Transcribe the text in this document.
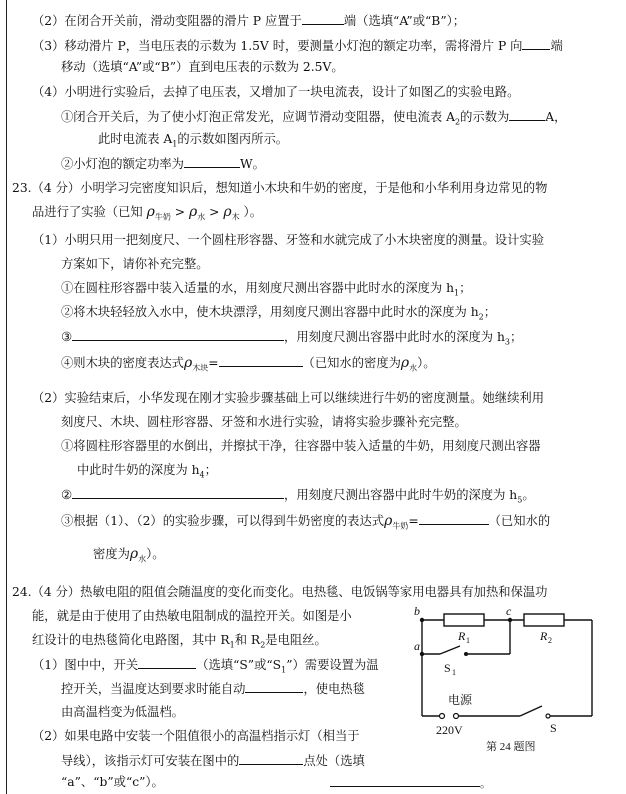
（2）在闭合开关前，滑动变阻器的滑片 P 应置于	端（选填“A”或“B”）；
（3）移动滑片 P，当电压表的示数为 1.5V 时，要测量小灯泡的额定功率，需将滑片 P 向 端
移动（选填“A”或“B”）直到电压表的示数为 2.5V。
（4）小明进行实验后，去掉了电压表，又增加了一块电流表，设计了如图乙的实验电路。
①闭合开关后，为了使小灯泡正常发光，应调节滑动变阻器，使电流表 $A_2$的示数为	A，
此时电流表 $A_1$的示数如图丙所示。
②小灯泡的额定功率为	W。
23.（4 分）小明学习完密度知识后，想知道小木块和牛奶的密度，于是他和小华利用身边常见的物
品进行了实验（已知 $\rho_{牛奶} > \rho_水 > \rho_木$ ）。
（1）小明只用一把刻度尺、一个圆柱形容器、牙签和水就完成了小木块密度的测量。设计实验
方案如下，请你补充完整。
①在圆柱形容器中装入适量的水，用刻度尺测出容器中此时水的深度为 $h_1$；
②将木块轻轻放入水中，使木块漂浮，用刻度尺测出容器中此时水的深度为 $h_2$；
③	，用刻度尺测出容器中此时水的深度为 $h_3$；
④则木块的密度表达式$\rho_{木块}=$	（已知水的密度为$\rho_水$）。
（2）实验结束后，小华发现在刚才实验步骤基础上可以继续进行牛奶的密度测量。她继续利用
刻度尺、木块、圆柱形容器、牙签和水进行实验，请将实验步骤补充完整。
①将圆柱形容器里的水倒出，并擦拭干净，往容器中装入适量的牛奶，用刻度尺测出容器
中此时牛奶的深度为 $h_4$；
②	，用刻度尺测出容器中此时牛奶的深度为 $h_5$。
③根据（1）、（2）的实验步骤，可以得到牛奶密度的表达式$\rho_{牛奶}=$	（已知水的
密度为$\rho_水$）。
24.（4 分）热敏电阻的阻值会随温度的变化而变化。电热毯、电饭锅等家用电器具有加热和保温功
能，就是由于使用了由热敏电阻制成的温控开关。如图是小
红设计的电热毯简化电路图，其中 $R_1$和 $R_2$是电阻丝。
（1）图中中，开关	（选填“S”或“$S_1$”）需要设置为温
控开关，当温度达到要求时能自动	，使电热毯
由高温档变为低温档。
（2）如果电路中安装一个阻值很小的高温档指示灯（相当于
导线），该指示灯可安装在图中的	点处（选填
“a”、“b”或“c”）。	。
b	c
a
R 1	R 2
S 1
电源
220V	S
第 24 题图
